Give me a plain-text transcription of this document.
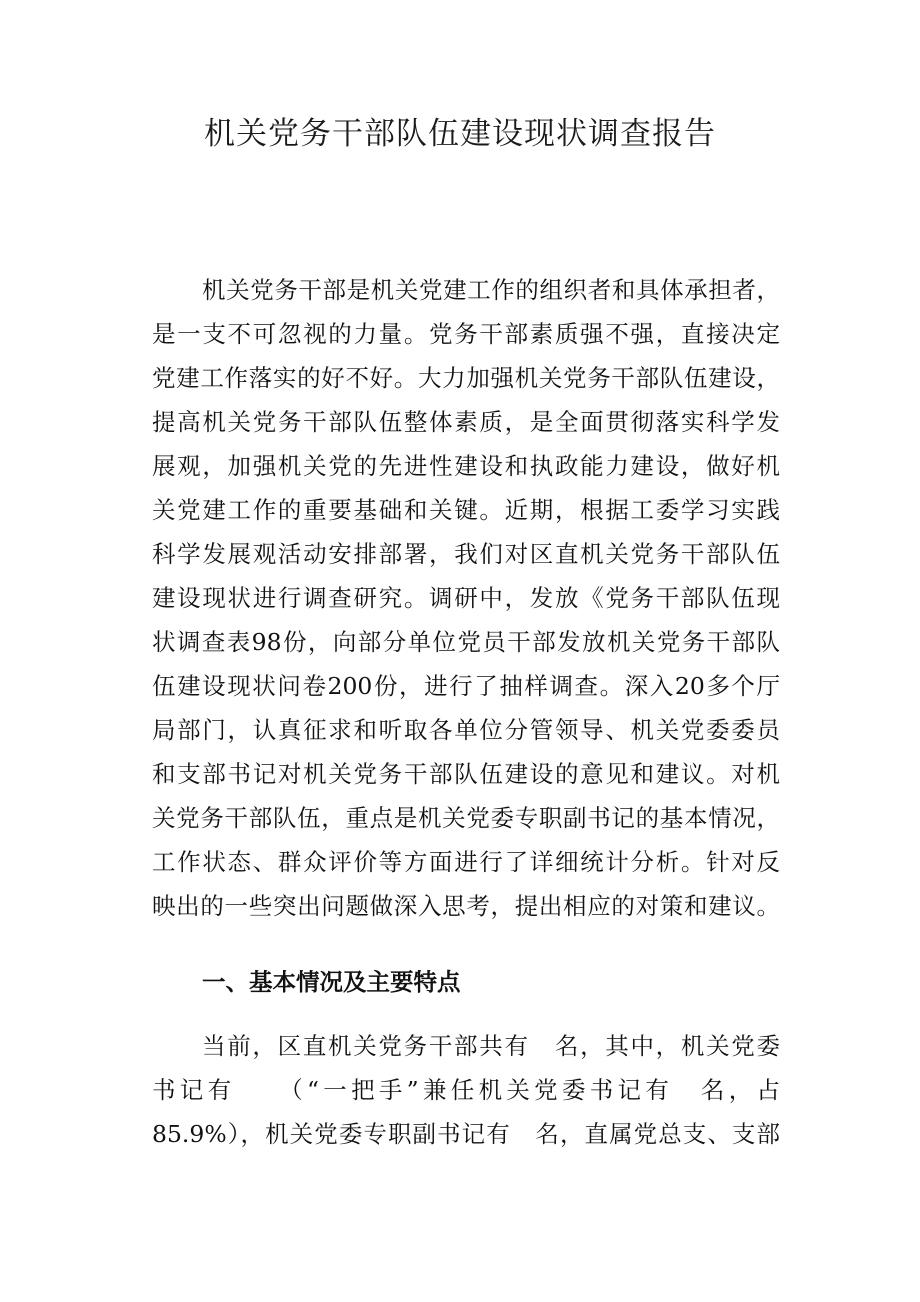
机关党务干部队伍建设现状调查报告
机关党务干部是机关党建工作的组织者和具体承担者，
是一支不可忽视的力量。党务干部素质强不强，直接决定
党建工作落实的好不好。大力加强机关党务干部队伍建设，
提高机关党务干部队伍整体素质，是全面贯彻落实科学发
展观，加强机关党的先进性建设和执政能力建设，做好机
关党建工作的重要基础和关键。近期，根据工委学习实践
科学发展观活动安排部署，我们对区直机关党务干部队伍
建设现状进行调查研究。调研中，发放《党务干部队伍现
状调查表98份，向部分单位党员干部发放机关党务干部队
伍建设现状问卷200份，进行了抽样调查。深入20多个厅
局部门，认真征求和听取各单位分管领导、机关党委委员
和支部书记对机关党务干部队伍建设的意见和建议。对机
关党务干部队伍，重点是机关党委专职副书记的基本情况，
工作状态、群众评价等方面进行了详细统计分析。针对反
映出的一些突出问题做深入思考，提出相应的对策和建议。
一、基本情况及主要特点
当前，区直机关党务干部共有　名，其中，机关党委
书记有　　（“一把手”兼任机关党委书记有　名，占
85.9%），机关党委专职副书记有　名，直属党总支、支部
